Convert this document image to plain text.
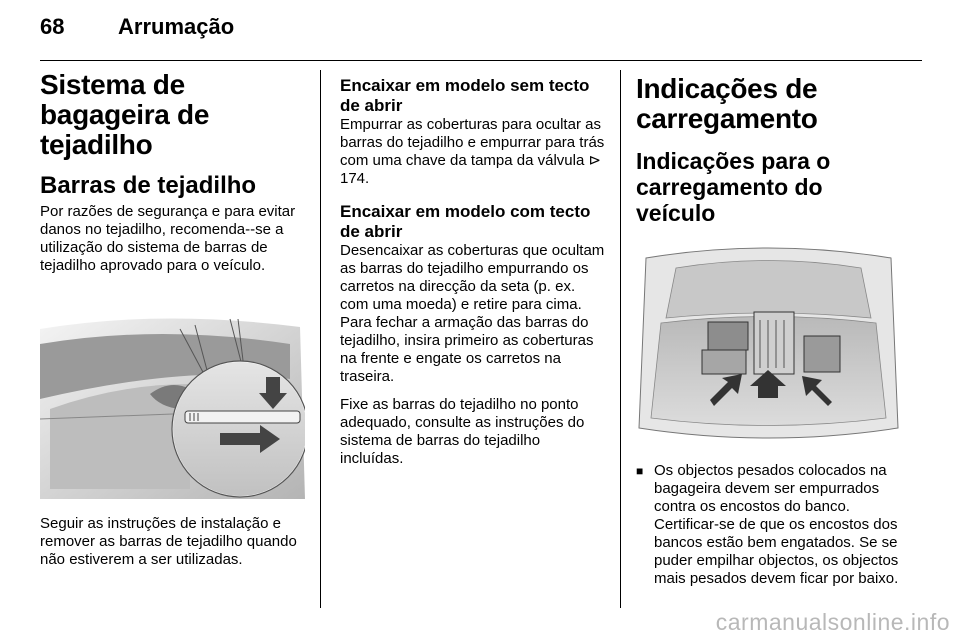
68 Arrumação
Sistema de bagageira de tejadilho
Barras de tejadilho

Por razões de segurança e para evitar danos no tejadilho, recomenda--se a utilização do sistema de barras de tejadilho aprovado para o veículo.

Seguir as instruções de instalação e remover as barras de tejadilho quando não estiverem a ser utilizadas.

Encaixar em modelo sem tecto de abrir

Empurrar as coberturas para ocultar as barras do tejadilho e empurrar para trás com uma chave da tampa da válvula ⊳ 174.

Encaixar em modelo com tecto de abrir

Desencaixar as coberturas que ocultam as barras do tejadilho empurrando os carretos na direcção da seta (p. ex. com uma moeda) e retire para cima. Para fechar a armação das barras do tejadilho, insira primeiro as coberturas na frente e engate os carretos na traseira.

Fixe as barras do tejadilho no ponto adequado, consulte as instruções do sistema de barras do tejadilho incluídas.

Indicações de carregamento
Indicações para o carregamento do veículo
■ Os objectos pesados colocados na bagageira devem ser empurrados contra os encostos do banco. Certificar-se de que os encostos dos bancos estão bem engatados. Se se puder empilhar objectos, os objectos mais pesados devem ficar por baixo.
carmanualsonline.info
